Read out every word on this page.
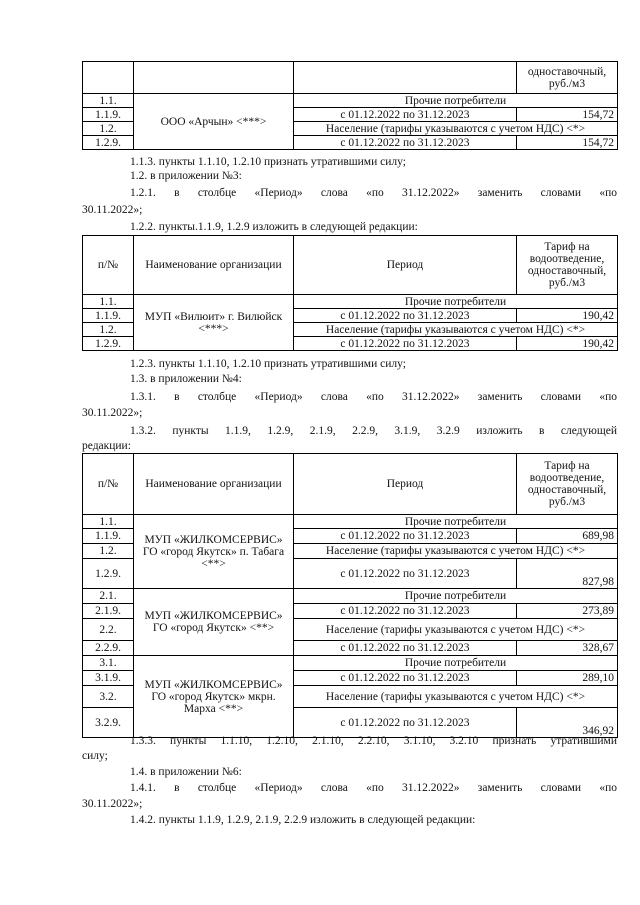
			одноставочный, руб./м3
1.1.	ООО «Арчын» <***>	Прочие потребители	
1.1.9.		с 01.12.2022 по 31.12.2023	154,72
1.2.		Население (тарифы указываются с учетом НДС) <*>	
1.2.9.		с 01.12.2022 по 31.12.2023	154,72
1.1.3. пункты 1.1.10, 1.2.10 признать утратившими силу;
1.2. в приложении №3:
1.2.1. в столбце «Период» слова «по 31.12.2022» заменить словами «по
30.11.2022»;
1.2.2. пункты.1.1.9, 1.2.9 изложить в следующей редакции:
п/№	Наименование организации	Период	Тариф на водоотведение, одноставочный, руб./м3
1.1.	МУП «Вилюит» г. Вилюйск <***>	Прочие потребители	
1.1.9.		с 01.12.2022 по 31.12.2023	190,42
1.2.		Население (тарифы указываются с учетом НДС) <*>	
1.2.9.		с 01.12.2022 по 31.12.2023	190,42
1.2.3. пункты 1.1.10, 1.2.10 признать утратившими силу;
1.3. в приложении №4:
1.3.1. в столбце «Период» слова «по 31.12.2022» заменить словами «по
30.11.2022»;
1.3.2. пункты 1.1.9, 1.2.9, 2.1.9, 2.2.9, 3.1.9, 3.2.9 изложить в следующей
редакции:
п/№	Наименование организации	Период	Тариф на водоотведение, одноставочный, руб./м3
1.1.	МУП «ЖИЛКОМСЕРВИС» ГО «город Якутск» п. Табага <**>	Прочие потребители	
1.1.9.		с 01.12.2022 по 31.12.2023	689,98
1.2.		Население (тарифы указываются с учетом НДС) <*>	
1.2.9.		с 01.12.2022 по 31.12.2023	827,98
2.1.	МУП «ЖИЛКОМСЕРВИС» ГО «город Якутск» <**>	Прочие потребители	
2.1.9.		с 01.12.2022 по 31.12.2023	273,89
2.2.		Население (тарифы указываются с учетом НДС) <*>	
2.2.9.		с 01.12.2022 по 31.12.2023	328,67
3.1.	МУП «ЖИЛКОМСЕРВИС» ГО «город Якутск» мкрн. Марха <**>	Прочие потребители	
3.1.9.		с 01.12.2022 по 31.12.2023	289,10
3.2.		Население (тарифы указываются с учетом НДС) <*>	
3.2.9.		с 01.12.2022 по 31.12.2023	346,92
1.3.3. пункты 1.1.10, 1.2.10, 2.1.10, 2.2.10, 3.1.10, 3.2.10 признать утратившими
силу;
1.4. в приложении №6:
1.4.1. в столбце «Период» слова «по 31.12.2022» заменить словами «по
30.11.2022»;
1.4.2. пункты 1.1.9, 1.2.9, 2.1.9, 2.2.9 изложить в следующей редакции:
